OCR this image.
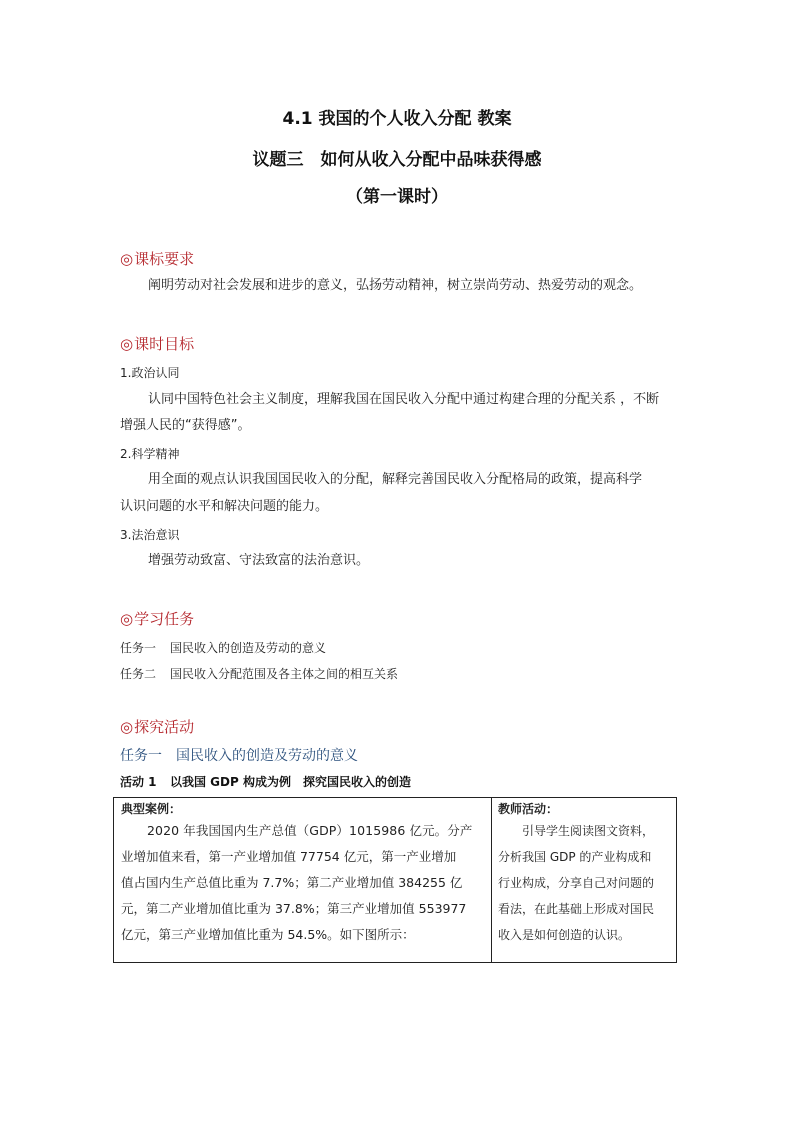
4.1 我国的个人收入分配 教案
议题三　如何从收入分配中品味获得感
（第一课时）
◎课标要求
阐明劳动对社会发展和进步的意义，弘扬劳动精神，树立崇尚劳动、热爱劳动的观念。
◎课时目标
1.政治认同
认同中国特色社会主义制度，理解我国在国民收入分配中通过构建合理的分配关系 ，不断
增强人民的“获得感”。
2.科学精神
用全面的观点认识我国国民收入的分配，解释完善国民收入分配格局的政策，提高科学
认识问题的水平和解决问题的能力。
3.法治意识
增强劳动致富、守法致富的法治意识。
◎学习任务
任务一 国民收入的创造及劳动的意义
任务二 国民收入分配范围及各主体之间的相互关系
◎探究活动
任务一 国民收入的创造及劳动的意义
活动 1 以我国 GDP 构成为例　探究国民收入的创造
典型案例：
2020 年我国国内生产总值（GDP）1015986 亿元。分产
业增加值来看，第一产业增加值 77754 亿元，第一产业增加
值占国内生产总值比重为 7.7%；第二产业增加值 384255 亿
元，第二产业增加值比重为 37.8%；第三产业增加值 553977
亿元，第三产业增加值比重为 54.5%。如下图所示：

教师活动：
引导学生阅读图文资料，
分析我国 GDP 的产业构成和
行业构成，分享自己对问题的
看法，在此基础上形成对国民
收入是如何创造的认识。
